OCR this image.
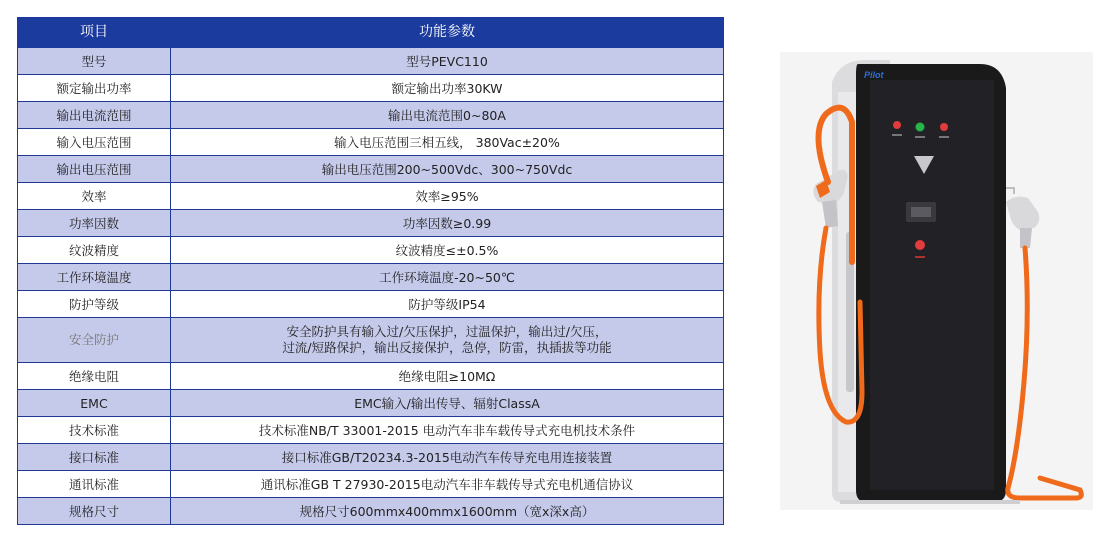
项目	功能参数
型号	型号PEVC110
额定输出功率	额定输出功率30KW
输出电流范围	输出电流范围0~80A
输入电压范围	输入电压范围三相五线， 380Vac±20%
输出电压范围	输出电压范围200~500Vdc、300~750Vdc
效率	效率≥95%
功率因数	功率因数≥0.99
纹波精度	纹波精度≤±0.5%
工作环境温度	工作环境温度-20~50℃
防护等级	防护等级IP54
安全防护	安全防护具有输入过/欠压保护，过温保护，输出过/欠压，
过流/短路保护，输出反接保护，急停，防雷，执插拔等功能

绝缘电阻	绝缘电阻≥10MΩ
EMC	EMC输入/输出传导、辐射ClassA
技术标准	技术标准NB/T 33001-2015 电动汽车非车载传导式充电机技术条件
接口标准	接口标准GB/T20234.3-2015电动汽车传导充电用连接装置
通讯标准	通讯标准GB T 27930-2015电动汽车非车载传导式充电机通信协议
规格尺寸	规格尺寸600mmx400mmx1600mm（宽x深x高）
Pilot
